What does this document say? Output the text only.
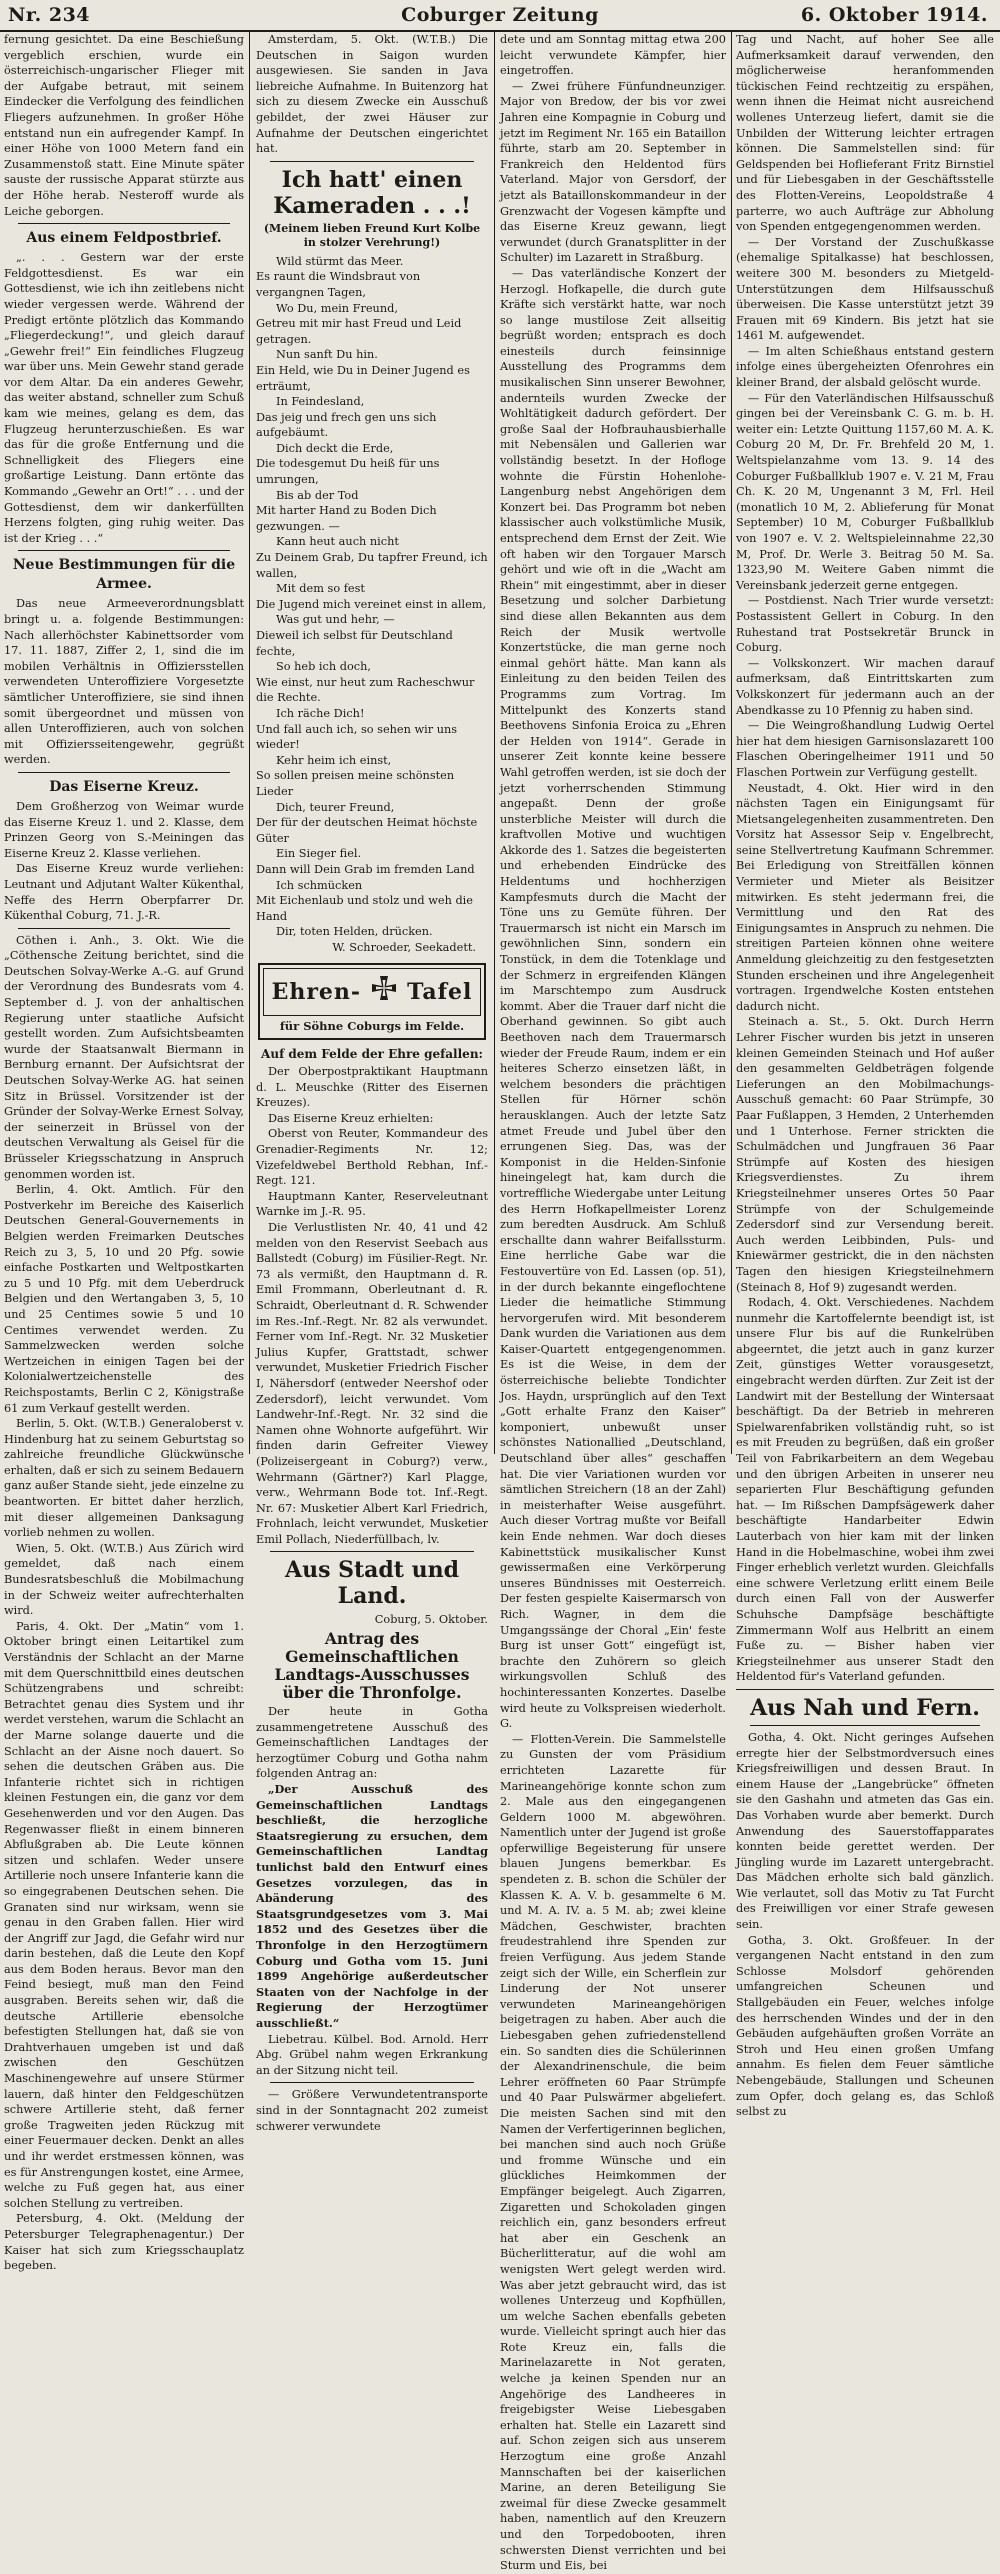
Coburger Zeitung
Nr. 234	6. Oktober 1914.

fernung gesichtet. Da eine Beschießung vergeblich erschien, wurde ein österreichisch-ungarischer Flieger mit der Aufgabe betraut, mit seinem Eindecker die Verfolgung des feindlichen Fliegers aufzunehmen. In großer Höhe entstand nun ein aufregender Kampf. In einer Höhe von 1000 Metern fand ein Zusammenstoß statt. Eine Minute später sauste der russische Apparat stürzte aus der Höhe herab. Nesteroff wurde als Leiche geborgen.

Aus einem Feldpostbrief.

„. . . Gestern war der erste Feldgottesdienst. Es war ein Gottesdienst, wie ich ihn zeitlebens nicht wieder vergessen werde. Während der Predigt ertönte plötzlich das Kommando „Fliegerdeckung!“, und gleich darauf „Gewehr frei!“ Ein feindliches Flugzeug war über uns. Mein Gewehr stand gerade vor dem Altar. Da ein anderes Gewehr, das weiter abstand, schneller zum Schuß kam wie meines, gelang es dem, das Flugzeug herunterzuschießen. Es war das für die große Entfernung und die Schnelligkeit des Fliegers eine großartige Leistung. Dann ertönte das Kommando „Gewehr an Ort!“ . . . und der Gottesdienst, dem wir dankerfüllten Herzens folgten, ging ruhig weiter. Das ist der Krieg . . .“

Neue Bestimmungen für die Armee.

Das neue Armeeverordnungsblatt bringt u. a. folgende Bestimmungen: Nach allerhöchster Kabinettsorder vom 17. 11. 1887, Ziffer 2, 1, sind die im mobilen Verhältnis in Offiziersstellen verwendeten Unteroffiziere Vorgesetzte sämtlicher Unteroffiziere, sie sind ihnen somit übergeordnet und müssen von allen Unteroffizieren, auch von solchen mit Offiziersseitengewehr, gegrüßt werden.

Das Eiserne Kreuz.

Dem Großherzog von Weimar wurde das Eiserne Kreuz 1. und 2. Klasse, dem Prinzen Georg von S.-Meiningen das Eiserne Kreuz 2. Klasse verliehen.

Das Eiserne Kreuz wurde verliehen: Leutnant und Adjutant Walter Kükenthal, Neffe des Herrn Oberpfarrer Dr. Kükenthal Coburg, 71. J.-R.

Cöthen i. Anh., 3. Okt. Wie die „Cöthensche Zeitung berichtet, sind die Deutschen Solvay-Werke A.-G. auf Grund der Verordnung des Bundesrats vom 4. September d. J. von der anhaltischen Regierung unter staatliche Aufsicht gestellt worden. Zum Aufsichtsbeamten wurde der Staatsanwalt Biermann in Bernburg ernannt. Der Aufsichtsrat der Deutschen Solvay-Werke AG. hat seinen Sitz in Brüssel. Vorsitzender ist der Gründer der Solvay-Werke Ernest Solvay, der seinerzeit in Brüssel von der deutschen Verwaltung als Geisel für die Brüsseler Kriegsschatzung in Anspruch genommen worden ist.

Berlin, 4. Okt. Amtlich. Für den Postverkehr im Bereiche des Kaiserlich Deutschen General-Gouvernements in Belgien werden Freimarken Deutsches Reich zu 3, 5, 10 und 20 Pfg. sowie einfache Postkarten und Weltpostkarten zu 5 und 10 Pfg. mit dem Ueberdruck Belgien und den Wertangaben 3, 5, 10 und 25 Centimes sowie 5 und 10 Centimes verwendet werden. Zu Sammelzwecken werden solche Wertzeichen in einigen Tagen bei der Kolonialwertzeichenstelle des Reichspostamts, Berlin C 2, Königstraße 61 zum Verkauf gestellt werden.

Berlin, 5. Okt. (W.T.B.) Generaloberst v. Hindenburg hat zu seinem Geburtstag so zahlreiche freundliche Glückwünsche erhalten, daß er sich zu seinem Bedauern ganz außer Stande sieht, jede einzelne zu beantworten. Er bittet daher herzlich, mit dieser allgemeinen Danksagung vorlieb nehmen zu wollen.

Wien, 5. Okt. (W.T.B.) Aus Zürich wird gemeldet, daß nach einem Bundesratsbeschluß die Mobilmachung in der Schweiz weiter aufrechterhalten wird.

Paris, 4. Okt. Der „Matin“ vom 1. Oktober bringt einen Leitartikel zum Verständnis der Schlacht an der Marne mit dem Querschnittbild eines deutschen Schützengrabens und schreibt: Betrachtet genau dies System und ihr werdet verstehen, warum die Schlacht an der Marne solange dauerte und die Schlacht an der Aisne noch dauert. So sehen die deutschen Gräben aus. Die Infanterie richtet sich in richtigen kleinen Festungen ein, die ganz vor dem Gesehenwerden und vor den Augen. Das Regenwasser fließt in einem binneren Abflußgraben ab. Die Leute können sitzen und schlafen. Weder unsere Artillerie noch unsere Infanterie kann die so eingegrabenen Deutschen sehen. Die Granaten sind nur wirksam, wenn sie genau in den Graben fallen. Hier wird der Angriff zur Jagd, die Gefahr wird nur darin bestehen, daß die Leute den Kopf aus dem Boden heraus. Bevor man den Feind besiegt, muß man den Feind ausgraben. Bereits sehen wir, daß die deutsche Artillerie ebensolche befestigten Stellungen hat, daß sie von Drahtverhauen umgeben ist und daß zwischen den Geschützen Maschinengewehre auf unsere Stürmer lauern, daß hinter den Feldgeschützen schwere Artillerie steht, daß ferner große Tragweiten jeden Rückzug mit einer Feuermauer decken. Denkt an alles und ihr werdet erstmessen können, was es für Anstrengungen kostet, eine Armee, welche zu Fuß gegen hat, aus einer solchen Stellung zu vertreiben.

Petersburg, 4. Okt. (Meldung der Petersburger Telegraphenagentur.) Der Kaiser hat sich zum Kriegsschauplatz begeben.

Amsterdam, 5. Okt. (W.T.B.) Die Deutschen in Saigon wurden ausgewiesen. Sie sanden in Java liebreiche Aufnahme. In Buitenzorg hat sich zu diesem Zwecke ein Ausschuß gebildet, der zwei Häuser zur Aufnahme der Deutschen eingerichtet hat.

Ich hatt' einen Kameraden . . .!
(Meinem lieben Freund Kurt Kolbe in stolzer Verehrung!)

Wild stürmt das Meer.

Es raunt die Windsbraut von vergangnen Tagen,

Wo Du, mein Freund,

Getreu mit mir hast Freud und Leid getragen.

Nun sanft Du hin.

Ein Held, wie Du in Deiner Jugend es erträumt,

In Feindesland,

Das jeig und frech gen uns sich aufgebäumt.

Dich deckt die Erde,

Die todesgemut Du heiß für uns umrungen,

Bis ab der Tod

Mit harter Hand zu Boden Dich gezwungen. —

Kann heut auch nicht

Zu Deinem Grab, Du tapfrer Freund, ich wallen,

Mit dem so fest

Die Jugend mich vereinet einst in allem,

Was gut und hehr, —

Dieweil ich selbst für Deutschland fechte,

So heb ich doch,

Wie einst, nur heut zum Racheschwur die Rechte.

Ich räche Dich!

Und fall auch ich, so sehen wir uns wieder!

Kehr heim ich einst,

So sollen preisen meine schönsten Lieder

Dich, teurer Freund,

Der für der deutschen Heimat höchste Güter

Ein Sieger fiel.

Dann will Dein Grab im fremden Land

Ich schmücken

Mit Eichenlaub und stolz und weh die Hand

Dir, toten Helden, drücken.

W. Schroeder, Seekadett.

Ehren- Tafel
für Söhne Coburgs im Felde.
Auf dem Felde der Ehre gefallen:

Der Oberpostpraktikant Hauptmann d. L. Meuschke (Ritter des Eisernen Kreuzes).

Das Eiserne Kreuz erhielten:

Oberst von Reuter, Kommandeur des Grenadier-Regiments Nr. 12; Vizefeldwebel Berthold Rebhan, Inf.-Regt. 121.

Hauptmann Kanter, Reserveleutnant Warnke im J.-R. 95.

Die Verlustlisten Nr. 40, 41 und 42 melden von den Reservist Seebach aus Ballstedt (Coburg) im Füsilier-Regt. Nr. 73 als vermißt, den Hauptmann d. R. Emil Frommann, Oberleutnant d. R. Schraidt, Oberleutnant d. R. Schwender im Res.-Inf.-Regt. Nr. 82 als verwundet. Ferner vom Inf.-Regt. Nr. 32 Musketier Julius Kupfer, Grattstadt, schwer verwundet, Musketier Friedrich Fischer I, Nähersdorf (entweder Neershof oder Zedersdorf), leicht verwundet. Vom Landwehr-Inf.-Regt. Nr. 32 sind die Namen ohne Wohnorte aufgeführt. Wir finden darin Gefreiter Viewey (Polizeisergeant in Coburg?) verw., Wehrmann (Gärtner?) Karl Plagge, verw., Wehrmann Bode tot. Inf.-Regt. Nr. 67: Musketier Albert Karl Friedrich, Frohnlach, leicht verwundet, Musketier Emil Pollach, Niederfüllbach, lv.

Aus Stadt und Land.

Coburg, 5. Oktober.

Antrag des Gemeinschaftlichen Landtags-Ausschusses über die Thronfolge.

Der heute in Gotha zusammengetretene Ausschuß des Gemeinschaftlichen Landtages der herzogtümer Coburg und Gotha nahm folgenden Antrag an:

„Der Ausschuß des Gemeinschaftlichen Landtags beschließt, die herzogliche Staatsregierung zu ersuchen, dem Gemeinschaftlichen Landtag tunlichst bald den Entwurf eines Gesetzes vorzulegen, das in Abänderung des Staatsgrundgesetzes vom 3. Mai 1852 und des Gesetzes über die Thronfolge in den Herzogtümern Coburg und Gotha vom 15. Juni 1899 Angehörige außerdeutscher Staaten von der Nachfolge in der Regierung der Herzogtümer ausschließt.“

Liebetrau. Külbel. Bod. Arnold. Herr Abg. Grübel nahm wegen Erkrankung an der Sitzung nicht teil.

— Größere Verwundetentransporte sind in der Sonntagnacht 202 zumeist schwerer verwundete

dete und am Sonntag mittag etwa 200 leicht verwundete Kämpfer, hier eingetroffen.

— Zwei frühere Fünfundneunziger. Major von Bredow, der bis vor zwei Jahren eine Kompagnie in Coburg und jetzt im Regiment Nr. 165 ein Bataillon führte, starb am 20. September in Frankreich den Heldentod fürs Vaterland. Major von Gersdorf, der jetzt als Bataillonskommandeur in der Grenzwacht der Vogesen kämpfte und das Eiserne Kreuz gewann, liegt verwundet (durch Granatsplitter in der Schulter) im Lazarett in Straßburg.

— Das vaterländische Konzert der Herzogl. Hofkapelle, die durch gute Kräfte sich verstärkt hatte, war noch so lange mustilose Zeit allseitig begrüßt worden; entsprach es doch einesteils durch feinsinnige Ausstellung des Programms dem musikalischen Sinn unserer Bewohner, andernteils wurden Zwecke der Wohltätigkeit dadurch gefördert. Der große Saal der Hofbrauhausbierhalle mit Nebensälen und Gallerien war vollständig besetzt. In der Hofloge wohnte die Fürstin Hohenlohe-Langenburg nebst Angehörigen dem Konzert bei. Das Programm bot neben klassischer auch volkstümliche Musik, entsprechend dem Ernst der Zeit. Wie oft haben wir den Torgauer Marsch gehört und wie oft in die „Wacht am Rhein“ mit eingestimmt, aber in dieser Besetzung und solcher Darbietung sind diese allen Bekannten aus dem Reich der Musik wertvolle Konzertstücke, die man gerne noch einmal gehört hätte. Man kann als Einleitung zu den beiden Teilen des Programms zum Vortrag. Im Mittelpunkt des Konzerts stand Beethovens Sinfonia Eroica zu „Ehren der Helden von 1914“. Gerade in unserer Zeit konnte keine bessere Wahl getroffen werden, ist sie doch der jetzt vorherrschenden Stimmung angepaßt. Denn der große unsterbliche Meister will durch die kraftvollen Motive und wuchtigen Akkorde des 1. Satzes die begeisterten und erhebenden Eindrücke des Heldentums und hochherzigen Kampfesmuts durch die Macht der Töne uns zu Gemüte führen. Der Trauermarsch ist nicht ein Marsch im gewöhnlichen Sinn, sondern ein Tonstück, in dem die Totenklage und der Schmerz in ergreifenden Klängen im Marschtempo zum Ausdruck kommt. Aber die Trauer darf nicht die Oberhand gewinnen. So gibt auch Beethoven nach dem Trauermarsch wieder der Freude Raum, indem er ein heiteres Scherzo einsetzen läßt, in welchem besonders die prächtigen Stellen für Hörner schön herausklangen. Auch der letzte Satz atmet Freude und Jubel über den errungenen Sieg. Das, was der Komponist in die Helden-Sinfonie hineingelegt hat, kam durch die vortreffliche Wiedergabe unter Leitung des Herrn Hofkapellmeister Lorenz zum beredten Ausdruck. Am Schluß erschallte dann wahrer Beifallssturm. Eine herrliche Gabe war die Festouvertüre von Ed. Lassen (op. 51), in der durch bekannte eingeflochtene Lieder die heimatliche Stimmung hervorgerufen wird. Mit besonderem Dank wurden die Variationen aus dem Kaiser-Quartett entgegengenommen. Es ist die Weise, in dem der österreichische beliebte Tondichter Jos. Haydn, ursprünglich auf den Text „Gott erhalte Franz den Kaiser“ komponiert, unbewußt unser schönstes Nationallied „Deutschland, Deutschland über alles“ geschaffen hat. Die vier Variationen wurden vor sämtlichen Streichern (18 an der Zahl) in meisterhafter Weise ausgeführt. Auch dieser Vortrag mußte vor Beifall kein Ende nehmen. War doch dieses Kabinettstück musikalischer Kunst gewissermaßen eine Verkörperung unseres Bündnisses mit Oesterreich. Der festen gespielte Kaisermarsch von Rich. Wagner, in dem die Umgangssänge der Choral „Ein' feste Burg ist unser Gott“ eingefügt ist, brachte den Zuhörern so gleich wirkungsvollen Schluß des hochinteressanten Konzertes. Daselbe wird heute zu Volkspreisen wiederholt. G.

— Flotten-Verein. Die Sammelstelle zu Gunsten der vom Präsidium errichteten Lazarette für Marineangehörige konnte schon zum 2. Male aus den eingegangenen Geldern 1000 M. abgewöhren. Namentlich unter der Jugend ist große opferwillige Begeisterung für unsere blauen Jungens bemerkbar. Es spendeten z. B. schon die Schüler der Klassen K. A. V. b. gesammelte 6 M. und M. A. IV. a. 5 M. ab; zwei kleine Mädchen, Geschwister, brachten freudestrahlend ihre Spenden zur freien Verfügung. Aus jedem Stande zeigt sich der Wille, ein Scherflein zur Linderung der Not unserer verwundeten Marineangehörigen beigetragen zu haben. Aber auch die Liebesgaben gehen zufriedenstellend ein. So sandten dies die Schülerinnen der Alexandrinenschule, die beim Lehrer eröffneten 60 Paar Strümpfe und 40 Paar Pulswärmer abgeliefert. Die meisten Sachen sind mit den Namen der Verfertigerinnen beglichen, bei manchen sind auch noch Grüße und fromme Wünsche und ein glückliches Heimkommen der Empfänger beigelegt. Auch Zigarren, Zigaretten und Schokoladen gingen reichlich ein, ganz besonders erfreut hat aber ein Geschenk an Bücherlitteratur, auf die wohl am wenigsten Wert gelegt werden wird. Was aber jetzt gebraucht wird, das ist wollenes Unterzeug und Kopfhüllen, um welche Sachen ebenfalls gebeten wurde. Vielleicht springt auch hier das Rote Kreuz ein, falls die Marinelazarette in Not geraten, welche ja keinen Spenden nur an Angehörige des Landheeres in freigebigster Weise Liebesgaben erhalten hat. Stelle ein Lazarett sind auf. Schon zeigen sich aus unserem Herzogtum eine große Anzahl Mannschaften bei der kaiserlichen Marine, an deren Beteiligung Sie zweimal für diese Zwecke gesammelt haben, namentlich auf den Kreuzern und den Torpedobooten, ihren schwersten Dienst verrichten und bei Sturm und Eis, bei

Tag und Nacht, auf hoher See alle Aufmerksamkeit darauf verwenden, den möglicherweise heranfommenden tückischen Feind rechtzeitig zu erspähen, wenn ihnen die Heimat nicht ausreichend wollenes Unterzeug liefert, damit sie die Unbilden der Witterung leichter ertragen können. Die Sammelstellen sind: für Geldspenden bei Hoflieferant Fritz Birnstiel und für Liebesgaben in der Geschäftsstelle des Flotten-Vereins, Leopoldstraße 4 parterre, wo auch Aufträge zur Abholung von Spenden entgegengenommen werden.

— Der Vorstand der Zuschußkasse (ehemalige Spitalkasse) hat beschlossen, weitere 300 M. besonders zu Mietgeld-Unterstützungen dem Hilfsausschuß überweisen. Die Kasse unterstützt jetzt 39 Frauen mit 69 Kindern. Bis jetzt hat sie 1461 M. aufgewendet.

— Im alten Schießhaus entstand gestern infolge eines übergeheizten Ofenrohres ein kleiner Brand, der alsbald gelöscht wurde.

— Für den Vaterländischen Hilfsausschuß gingen bei der Vereinsbank C. G. m. b. H. weiter ein: Letzte Quittung 1157,60 M. A. K. Coburg 20 M, Dr. Fr. Brehfeld 20 M, 1. Weltspielanzahme vom 13. 9. 14 des Coburger Fußballklub 1907 e. V. 21 M, Frau Ch. K. 20 M, Ungenannt 3 M, Frl. Heil (monatlich 10 M, 2. Ablieferung für Monat September) 10 M, Coburger Fußballklub von 1907 e. V. 2. Weltspieleinnahme 22,30 M, Prof. Dr. Werle 3. Beitrag 50 M. Sa. 1323,90 M. Weitere Gaben nimmt die Vereinsbank jederzeit gerne entgegen.

— Postdienst. Nach Trier wurde versetzt: Postassistent Gellert in Coburg. In den Ruhestand trat Postsekretär Brunck in Coburg.

— Volkskonzert. Wir machen darauf aufmerksam, daß Eintrittskarten zum Volkskonzert für jedermann auch an der Abendkasse zu 10 Pfennig zu haben sind.

— Die Weingroßhandlung Ludwig Oertel hier hat dem hiesigen Garnisonslazarett 100 Flaschen Oberingelheimer 1911 und 50 Flaschen Portwein zur Verfügung gestellt.

Neustadt, 4. Okt. Hier wird in den nächsten Tagen ein Einigungsamt für Mietsangelegenheiten zusammentreten. Den Vorsitz hat Assessor Seip v. Engelbrecht, seine Stellvertretung Kaufmann Schremmer. Bei Erledigung von Streitfällen können Vermieter und Mieter als Beisitzer mitwirken. Es steht jedermann frei, die Vermittlung und den Rat des Einigungsamtes in Anspruch zu nehmen. Die streitigen Parteien können ohne weitere Anmeldung gleichzeitig zu den festgesetzten Stunden erscheinen und ihre Angelegenheit vortragen. Irgendwelche Kosten entstehen dadurch nicht.

Steinach a. St., 5. Okt. Durch Herrn Lehrer Fischer wurden bis jetzt in unseren kleinen Gemeinden Steinach und Hof außer den gesammelten Geldbeträgen folgende Lieferungen an den Mobilmachungs-Ausschuß gemacht: 60 Paar Strümpfe, 30 Paar Fußlappen, 3 Hemden, 2 Unterhemden und 1 Unterhose. Ferner strickten die Schulmädchen und Jungfrauen 36 Paar Strümpfe auf Kosten des hiesigen Kriegsverdienstes. Zu ihrem Kriegsteilnehmer unseres Ortes 50 Paar Strümpfe von der Schulgemeinde Zedersdorf sind zur Versendung bereit. Auch werden Leibbinden, Puls- und Kniewärmer gestrickt, die in den nächsten Tagen den hiesigen Kriegsteilnehmern (Steinach 8, Hof 9) zugesandt werden.

Rodach, 4. Okt. Verschiedenes. Nachdem nunmehr die Kartoffelernte beendigt ist, ist unsere Flur bis auf die Runkelrüben abgeerntet, die jetzt auch in ganz kurzer Zeit, günstiges Wetter vorausgesetzt, eingebracht werden dürften. Zur Zeit ist der Landwirt mit der Bestellung der Wintersaat beschäftigt. Da der Betrieb in mehreren Spielwarenfabriken vollständig ruht, so ist es mit Freuden zu begrüßen, daß ein großer Teil von Fabrikarbeitern an dem Wegebau und den übrigen Arbeiten in unserer neu separierten Flur Beschäftigung gefunden hat. — Im Rißschen Dampfsägewerk daher beschäftigte Handarbeiter Edwin Lauterbach von hier kam mit der linken Hand in die Hobelmaschine, wobei ihm zwei Finger erheblich verletzt wurden. Gleichfalls eine schwere Verletzung erlitt einem Beile durch einen Fall von der Auswerfer Schuhsche Dampfsäge beschäftigte Zimmermann Wolf aus Helbritt an einem Fuße zu. — Bisher haben vier Kriegsteilnehmer aus unserer Stadt den Heldentod für's Vaterland gefunden.

Aus Nah und Fern.

Gotha, 4. Okt. Nicht geringes Aufsehen erregte hier der Selbstmordversuch eines Kriegsfreiwilligen und dessen Braut. In einem Hause der „Langebrücke“ öffneten sie den Gashahn und atmeten das Gas ein. Das Vorhaben wurde aber bemerkt. Durch Anwendung des Sauerstoffapparates konnten beide gerettet werden. Der Jüngling wurde im Lazarett untergebracht. Das Mädchen erholte sich bald gänzlich. Wie verlautet, soll das Motiv zu Tat Furcht des Freiwilligen vor einer Strafe gewesen sein.

Gotha, 3. Okt. Großfeuer. In der vergangenen Nacht entstand in den zum Schlosse Molsdorf gehörenden umfangreichen Scheunen und Stallgebäuden ein Feuer, welches infolge des herrschenden Windes und der in den Gebäuden aufgehäuften großen Vorräte an Stroh und Heu einen großen Umfang annahm. Es fielen dem Feuer sämtliche Nebengebäude, Stallungen und Scheunen zum Opfer, doch gelang es, das Schloß selbst zu
